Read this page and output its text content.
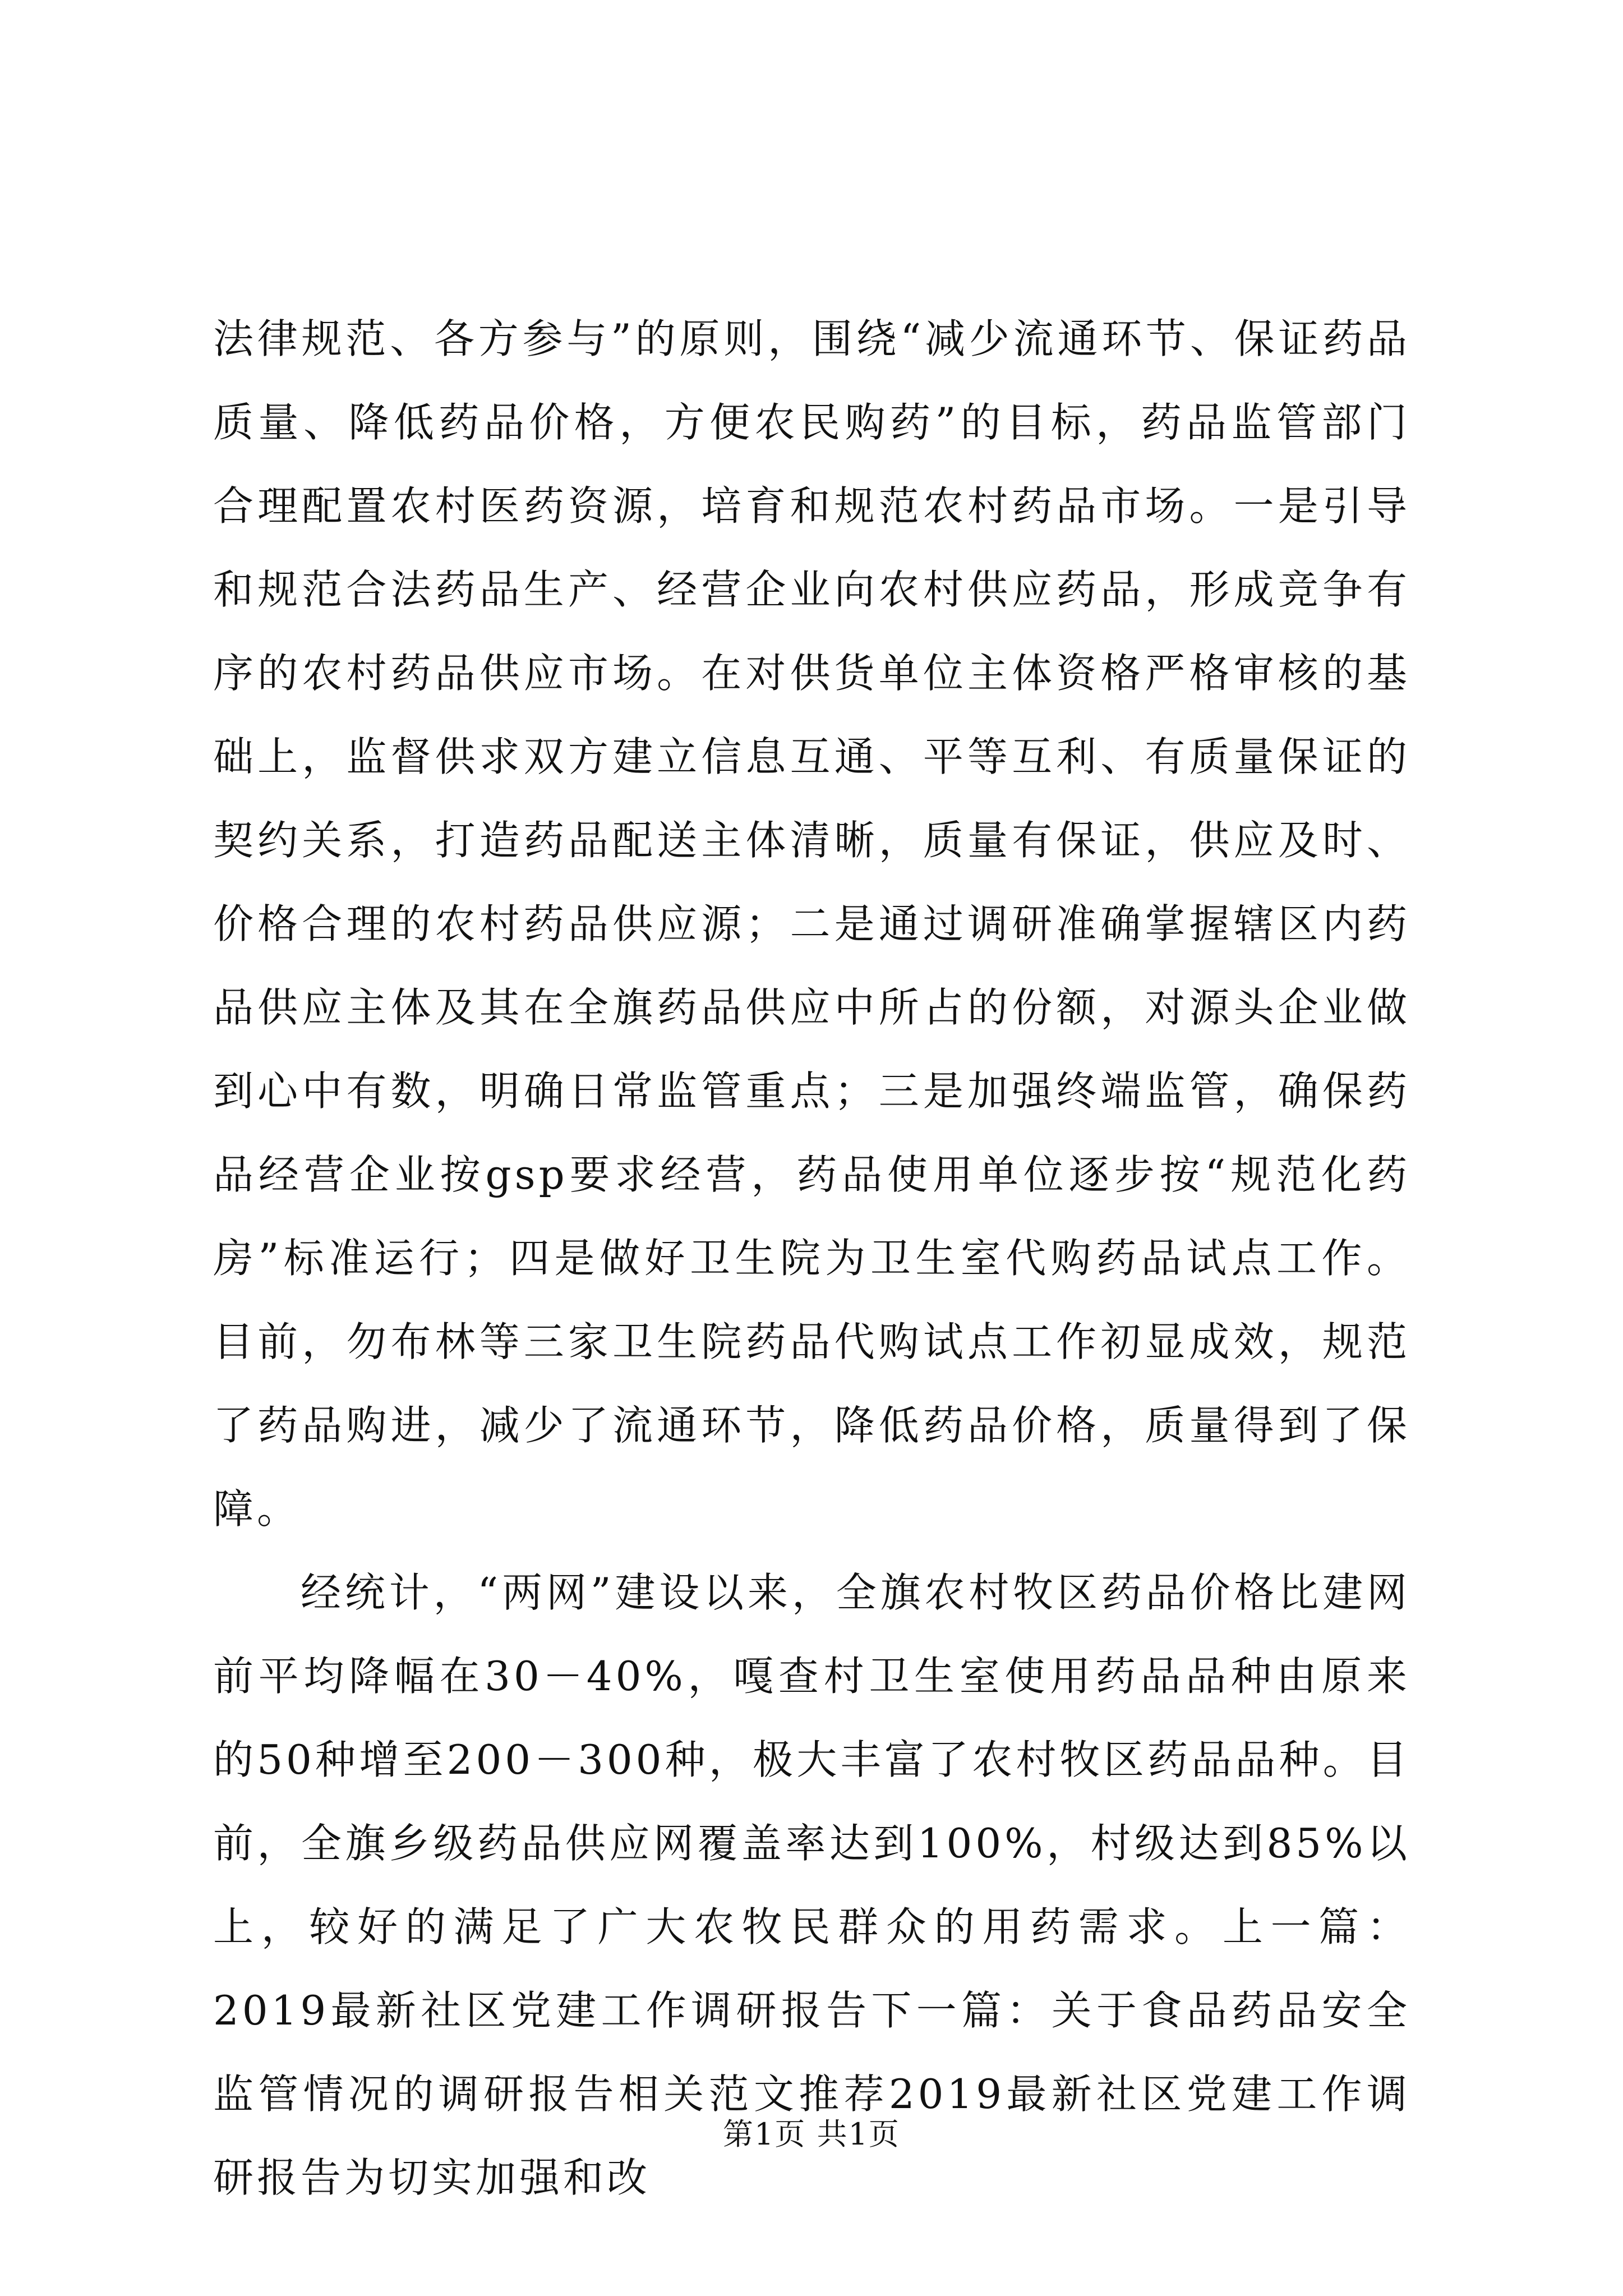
法律规范、各方参与”的原则，围绕“减少流通环节、保证药品质量、降低药品价格，方便农民购药”的目标，药品监管部门合理配置农村医药资源，培育和规范农村药品市场。一是引导和规范合法药品生产、经营企业向农村供应药品，形成竞争有序的农村药品供应市场。在对供货单位主体资格严格审核的基础上，监督供求双方建立信息互通、平等互利、有质量保证的契约关系，打造药品配送主体清晰，质量有保证，供应及时、价格合理的农村药品供应源；二是通过调研准确掌握辖区内药品供应主体及其在全旗药品供应中所占的份额，对源头企业做到心中有数，明确日常监管重点；三是加强终端监管，确保药品经营企业按gsp要求经营，药品使用单位逐步按“规范化药房”标准运行；四是做好卫生院为卫生室代购药品试点工作。目前，勿布林等三家卫生院药品代购试点工作初显成效，规范了药品购进，减少了流通环节，降低药品价格，质量得到了保障。

经统计，“两网”建设以来，全旗农村牧区药品价格比建网前平均降幅在30－40%，嘎查村卫生室使用药品品种由原来的50种增至200－300种，极大丰富了农村牧区药品品种。目前，全旗乡级药品供应网覆盖率达到100%，村级达到85%以上，较好的满足了广大农牧民群众的用药需求。上一篇：2019最新社区党建工作调研报告下一篇：关于食品药品安全监管情况的调研报告相关范文推荐2019最新社区党建工作调研报告为切实加强和改

第1页 共1页
